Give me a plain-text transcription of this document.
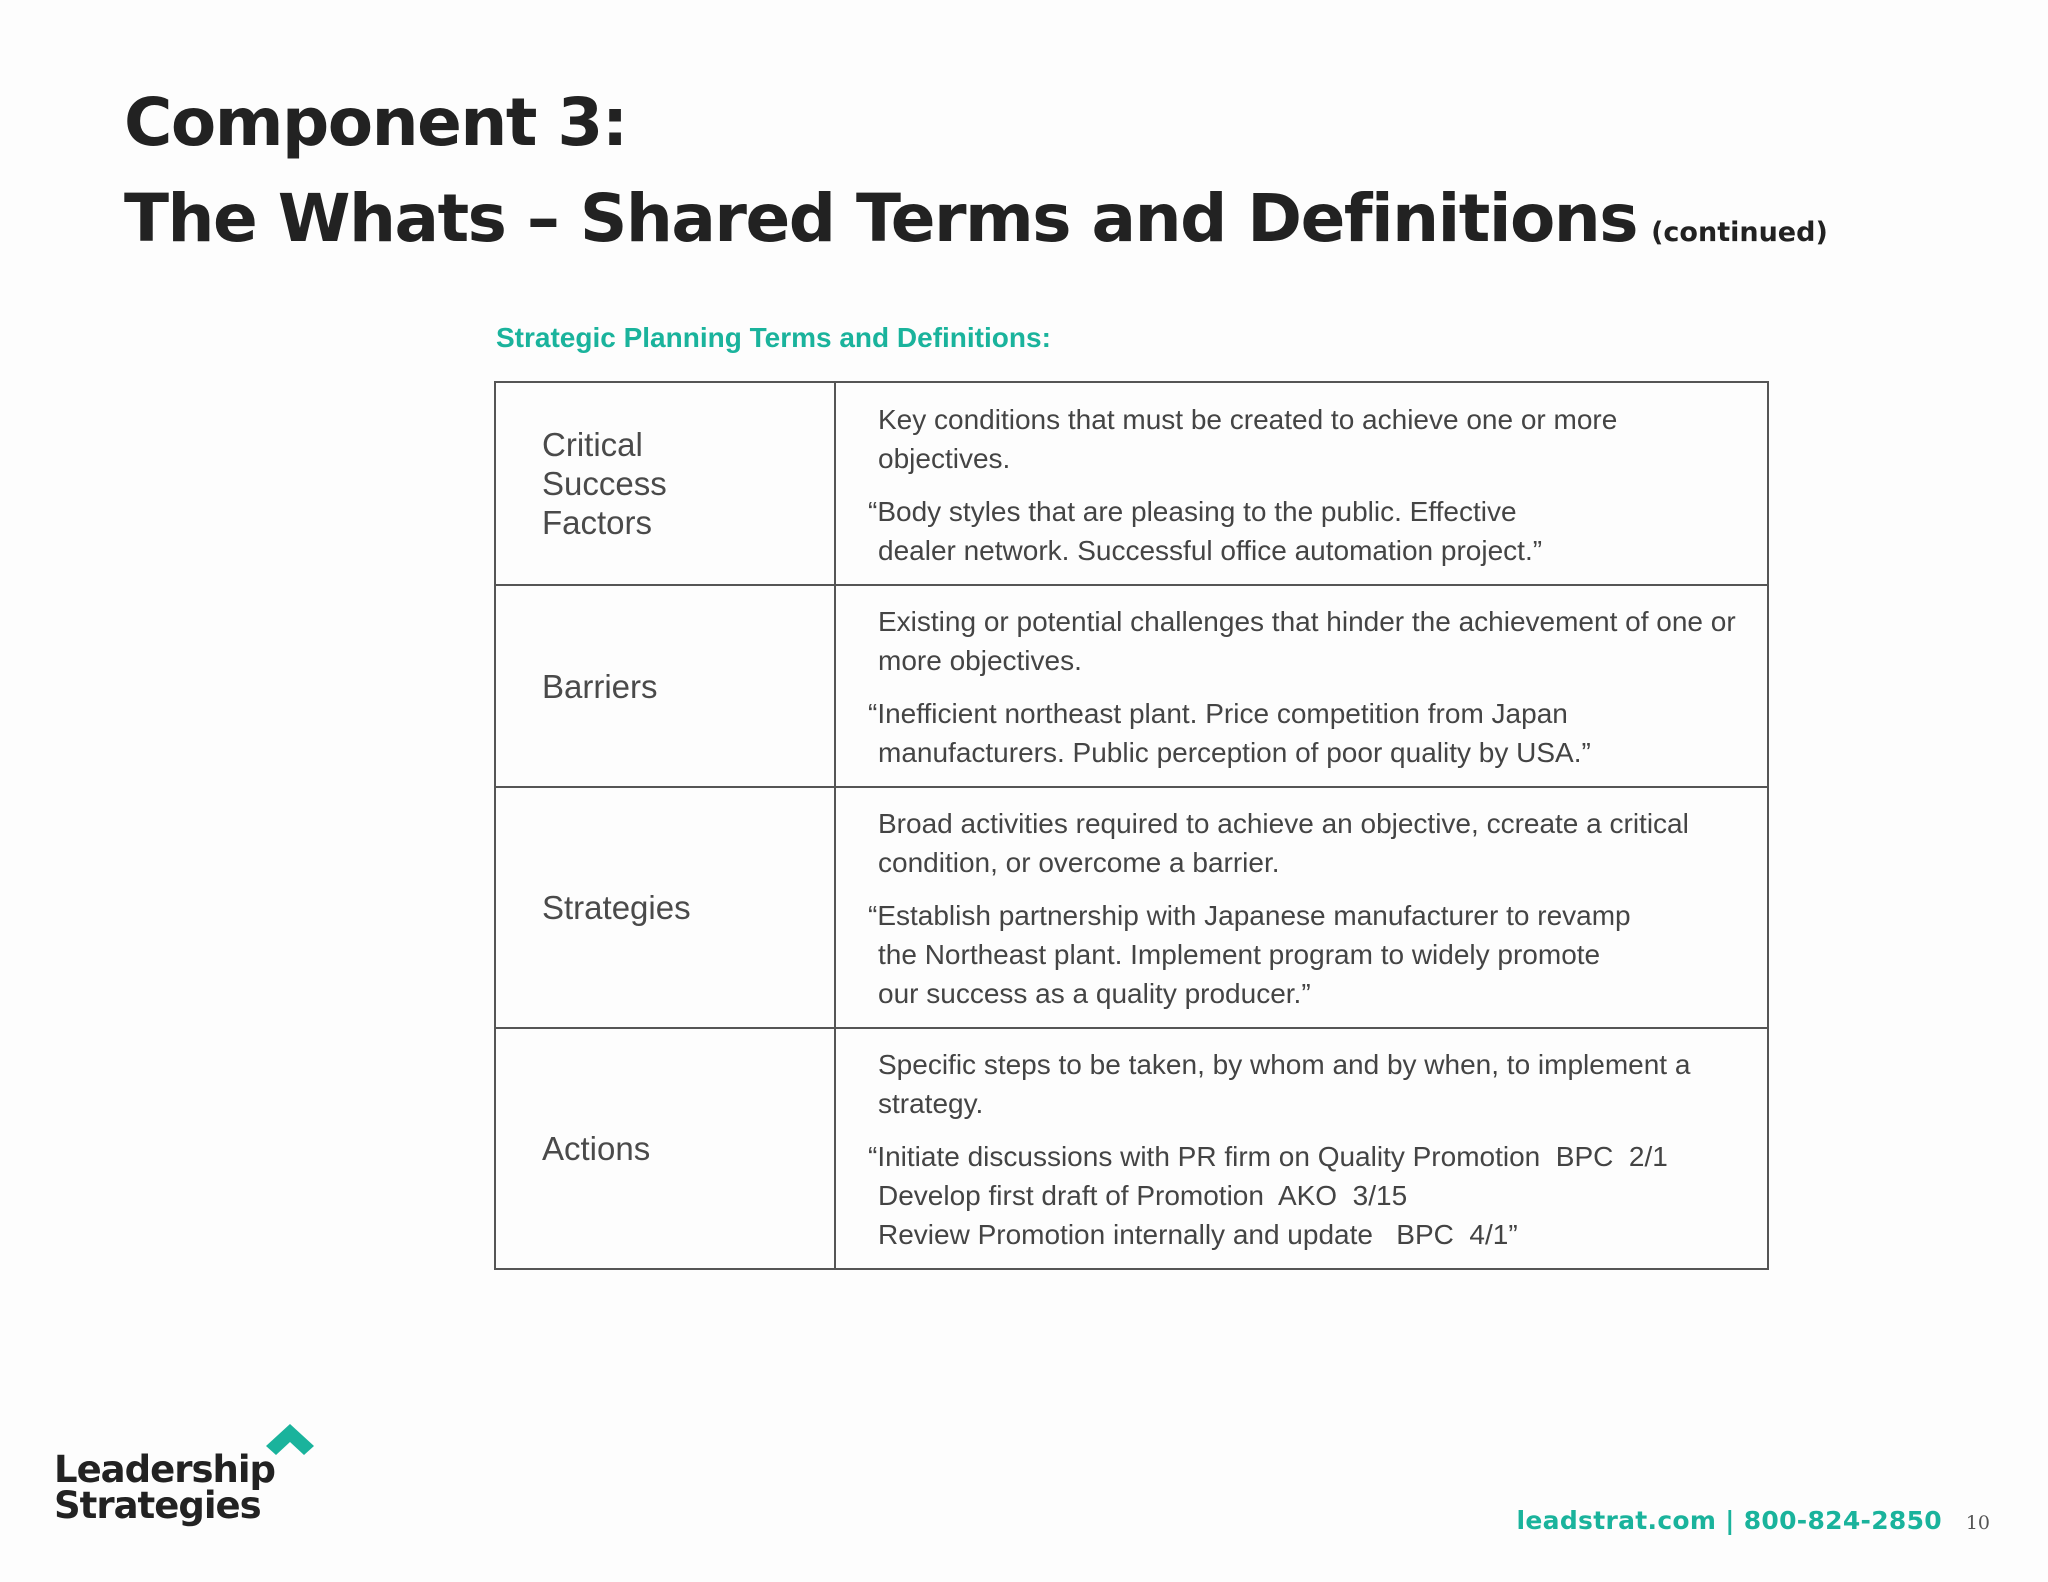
Component 3:
The Whats – Shared Terms and Definitions (continued)
Strategic Planning Terms and Definitions:
Critical Success Factors	Key conditions that must be created to achieve one or more objectives.

“Body styles that are pleasing to the public. Effective
dealer network. Successful office automation project.”

Barriers	Existing or potential challenges that hinder the achievement of one or more objectives.

“Inefficient northeast plant. Price competition from Japan
manufacturers. Public perception of poor quality by USA.”

Strategies	Broad activities required to achieve an objective, ccreate a critical condition, or overcome a barrier.

“Establish partnership with Japanese manufacturer to revamp
the Northeast plant. Implement program to widely promote
our success as a quality producer.”

Actions	Specific steps to be taken, by whom and by when, to implement a strategy.

“Initiate discussions with PR firm on Quality Promotion  BPC  2/1
Develop first draft of Promotion  AKO  3/15
Review Promotion internally and update   BPC  4/1”

Leadership
Strategies	leadstrat.com | 800-824-2850 10
